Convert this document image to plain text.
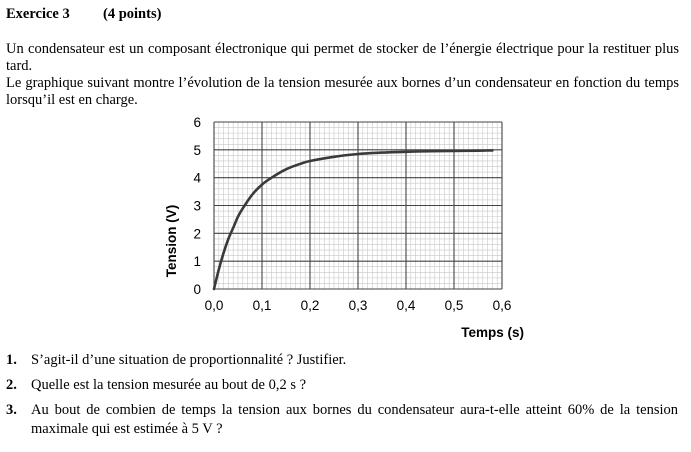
Exercice 3 (4 points)
Un condensateur est un composant électronique qui permet de stocker de l’énergie électrique pour la restituer plus tard.
Le graphique suivant montre l’évolution de la tension mesurée aux bornes d’un condensateur en fonction du temps lorsqu’il est en charge.
0,0 0,1 0,2 0,3 0,4 0,5 0,6
0
1
2
3
4
5
6
Temps (s)
Tension (V)
1. S’agit-il d’une situation de proportionnalité ? Justifier.
2. Quelle est la tension mesurée au bout de 0,2 s ?
3. Au bout de combien de temps la tension aux bornes du condensateur aura-t-elle atteint 60% de la tension maximale qui est estimée à 5 V ?
